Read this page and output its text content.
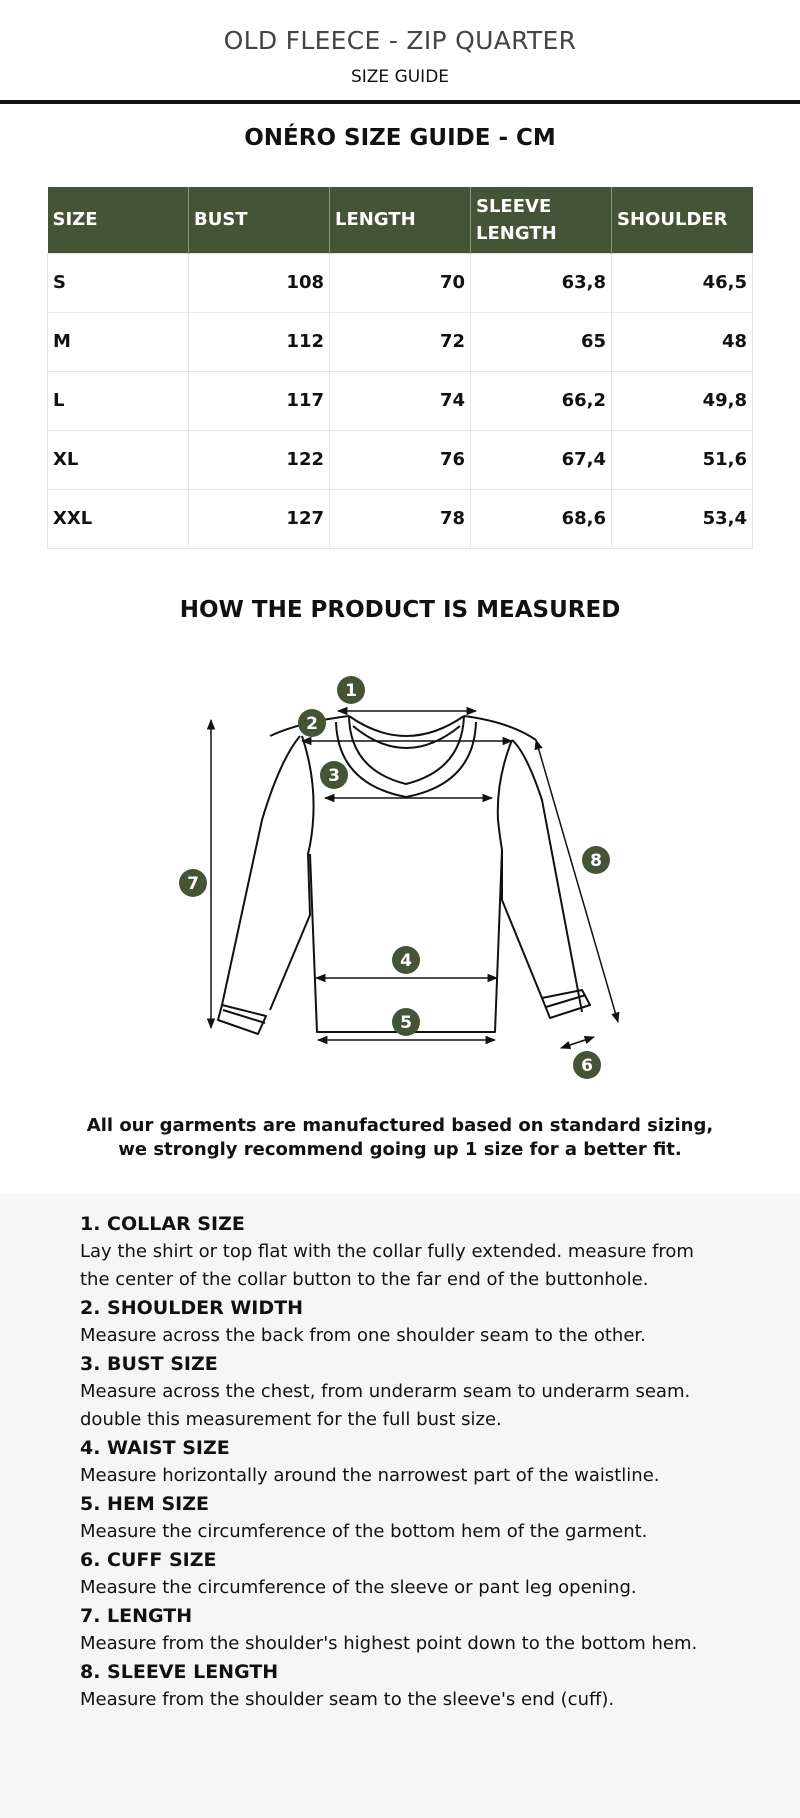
OLD FLEECE - ZIP QUARTER
SIZE GUIDE
ONÉRO SIZE GUIDE - CM
SIZE	BUST	LENGTH	SLEEVE LENGTH	SHOULDER
S	108	70	63,8	46,5
M	112	72	65	48
L	117	74	66,2	49,8
XL	122	76	67,4	51,6
XXL	127	78	68,6	53,4
HOW THE PRODUCT IS MEASURED
1
2
3
4
5
6
7
8
All our garments are manufactured based on standard sizing,
we strongly recommend going up 1 size for a better fit.
1. COLLAR SIZE
Lay the shirt or top flat with the collar fully extended. measure from the center of the collar button to the far end of the buttonhole.
2. SHOULDER WIDTH
Measure across the back from one shoulder seam to the other.
3. BUST SIZE
Measure across the chest, from underarm seam to underarm seam. double this measurement for the full bust size.
4. WAIST SIZE
Measure horizontally around the narrowest part of the waistline.
5. HEM SIZE
Measure the circumference of the bottom hem of the garment.
6. CUFF SIZE
Measure the circumference of the sleeve or pant leg opening.
7. LENGTH
Measure from the shoulder's highest point down to the bottom hem.
8. SLEEVE LENGTH
Measure from the shoulder seam to the sleeve's end (cuff).
